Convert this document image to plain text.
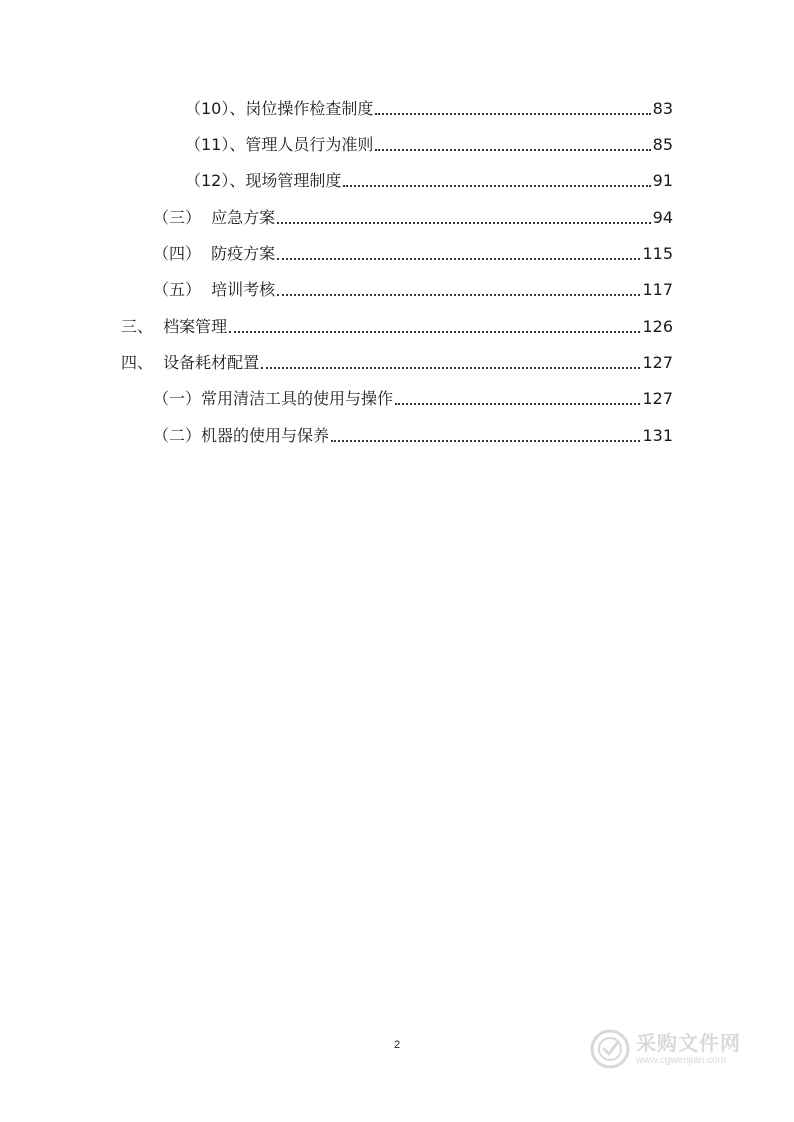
（10）、岗位操作检查制度	83
（11）、管理人员行为准则	85
（12）、现场管理制度	91
（三）  应急方案	94
（四）  防疫方案	115
（五）  培训考核	117
三、  档案管理	126
四、  设备耗材配置	127
（一）常用清洁工具的使用与操作	127
（二）机器的使用与保养	131
2	采购文件网
www.cgwenjian.com
